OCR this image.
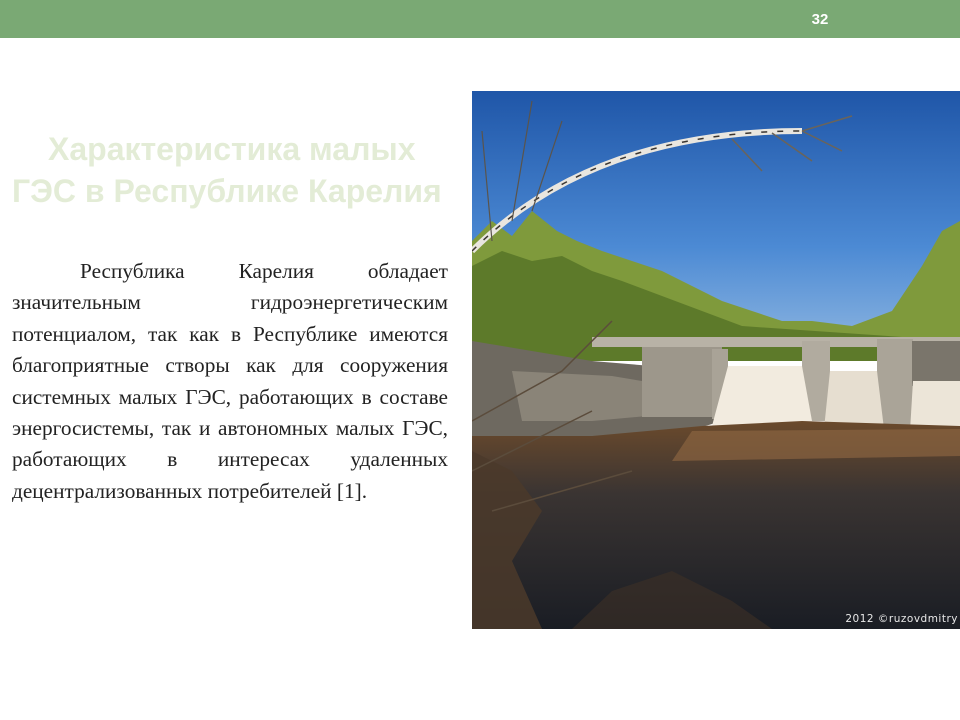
32
Характеристика малых
ГЭС в Республике Карелия
2012 ©ruzovdmitry
Республика Карелия обладает значительным гидроэнергетическим потенциалом, так как в Республике имеются благоприятные створы как для сооружения системных малых ГЭС, работающих в составе энергосистемы, так и автономных малых ГЭС, работающих в интересах удаленных децентрализованных потребителей [1].
